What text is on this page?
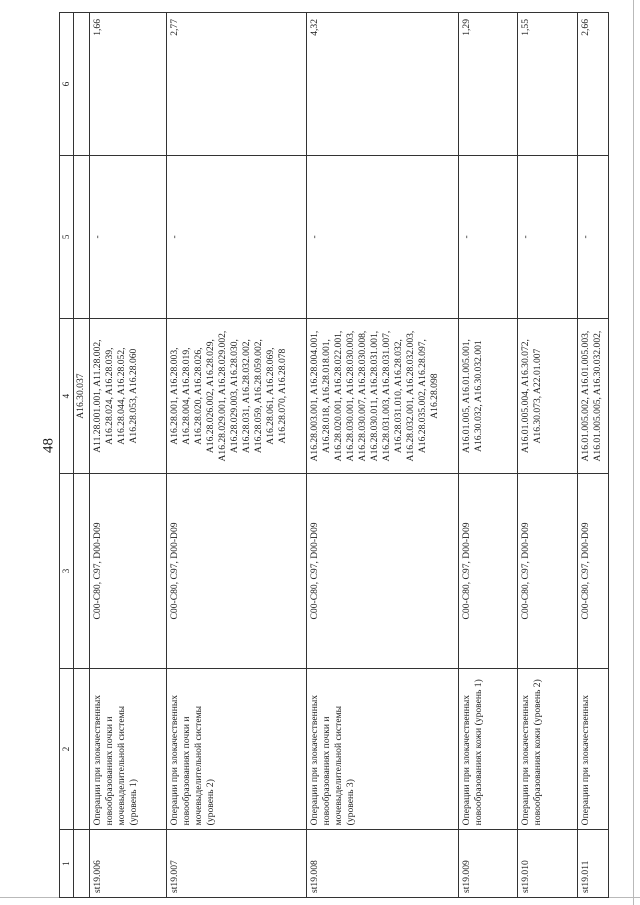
48
1	2	3	4	5	6
			A16.30.037		
st19.006	Операции при злокачественных новообразованиях почки и мочевыделительной системы (уровень 1)	C00-C80, C97, D00-D09	A11.28.001.001, A11.28.002, A16.28.024, A16.28.039, A16.28.044, A16.28.052, A16.28.053, A16.28.060	-	1,66
st19.007	Операции при злокачественных новообразованиях почки и мочевыделительной системы (уровень 2)	C00-C80, C97, D00-D09	A16.28.001, A16.28.003, A16.28.004, A16.28.019, A16.28.020, A16.28.026, A16.28.026.002, A16.28.029, A16.28.029.001, A16.28.029.002, A16.28.029.003, A16.28.030, A16.28.031, A16.28.032.002, A16.28.059, A16.28.059.002, A16.28.061, A16.28.069, A16.28.070, A16.28.078	-	2,77
st19.008	Операции при злокачественных новообразованиях почки и мочевыделительной системы (уровень 3)	C00-C80, C97, D00-D09	A16.28.003.001, A16.28.004.001, A16.28.018, A16.28.018.001, A16.28.020.001, A16.28.022.001, A16.28.030.001, A16.28.030.003, A16.28.030.007, A16.28.030.008, A16.28.030.011, A16.28.031.001, A16.28.031.003, A16.28.031.007, A16.28.031.010, A16.28.032, A16.28.032.001, A16.28.032.003, A16.28.035.002, A16.28.097, A16.28.098	-	4,32
st19.009	Операции при злокачественных новообразованиях кожи (уровень 1)	C00-C80, C97, D00-D09	A16.01.005, A16.01.005.001, A16.30.032, A16.30.032.001	-	1,29
st19.010	Операции при злокачественных новообразованиях кожи (уровень 2)	C00-C80, C97, D00-D09	A16.01.005.004, A16.30.072, A16.30.073, A22.01.007	-	1,55
st19.011	Операции при злокачественных	C00-C80, C97, D00-D09	A16.01.005.002, A16.01.005.003, A16.01.005.005, A16.30.032.002,	-	2,66
